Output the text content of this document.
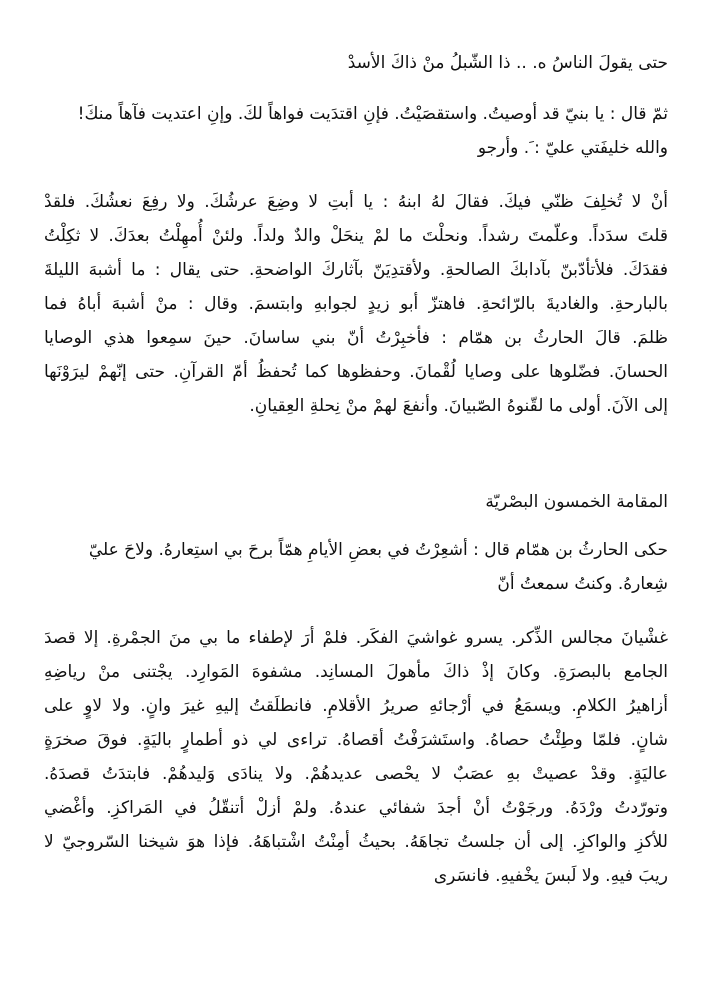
حتى يقولَ الناسُ ه. .. ذا الشّبلُ منْ ذاكَ الأسدْ

ثمّ قال : يا بنيّ قد أوصيتُ. واستقصَيْتُ. فإنِ اقتدَيت فواهاً لكَ. وإنِ اعتديت فآهاً منكَ!
والله خليفَتي عليّ : َ. وأرجو

أنْ لا تُخلِفَ ظنّي فيكَ. فقالَ لهُ ابنهُ : يا أبتِ لا وضِعَ عرشُكَ. ولا رفِعَ نعشُكَ. فلقدْ
قلتَ سدَداً. وعلّمتَ رشداً. ونحلْتَ ما لمْ ينحَلْ والدٌ ولداً. ولئنْ أُمهِلْتُ بعدَكَ. لا ثكِلْتُ
فقدَكَ. فلأتأدّبنّ بآدابكَ الصالحةِ. ولأقتدِيَنّ بآثاركَ الواضحةِ. حتى يقال : ما أشبهَ الليلةَ
بالبارحةِ. والغاديةَ بالرّائحةِ. فاهتزّ أبو زيدٍ لجوابهِ وابتسمَ. وقال : منْ أشبهَ أباهُ فما
ظلمَ. قالَ الحارثُ بن همّام : فأخبِرْتُ أنّ بني ساسانَ. حينَ سمِعوا هذي الوصايا
الحسانَ. فضّلوها على وصايا لُقْمانَ. وحفظوها كما تُحفظُ أمّ القرآنِ. حتى إنّهمْ ليرَوْنَها
إلى الآنَ. أولى ما لقّنوهُ الصّبيانَ. وأنفعَ لهمْ منْ نِحلةِ العِقيانِ.

المقامة الخمسون البصْريّة

حكى الحارثُ بن همّام قال : أشعِرْتُ في بعضِ الأيامِ همّاً برحَ بي استِعارهُ. ولاحَ عليّ
شِعارهُ. وكنتُ سمعتُ أنّ

غشْيانَ مجالس الذِّكر. يسرو غواشيَ الفكَر. فلمْ أرَ لإطفاء ما بي منَ الجمْرةِ. إلا قصدَ
الجامع بالبصرَةِ. وكانَ إذْ ذاكَ مأهولَ المسانِد. مشفوهَ المَوارِد. يجْتنى منْ رياضِهِ
أزاهيرُ الكلامِ. ويسمَعُ في أرْجائهِ صريرُ الأقلامِ. فانطلَقتُ إليهِ غيرَ وانٍ. ولا لاوٍ على
شانٍ. فلمّا وطِئْتُ حصاهُ. واستَشرَفْتُ أقصاهُ. تراءى لي ذو أطمارٍ باليَةٍ. فوقَ صخرَةٍ
عاليَةٍ. وقدْ عصيتْ بهِ عصَبٌ لا يحْصى عديدهُمْ. ولا ينادَى وَليدهُمْ. فابتدَتُ قصدَهُ.
وتورّدتُ ورْدَهُ. ورجَوْتُ أنْ أجدَ شفائي عندهُ. ولمْ أزلْ أتنقّلُ في المَراكزِ. وأغْضي
للأكزِ والواكزِ. إلى أن جلستُ تجاهَهُ. بحيثُ أمِنْتُ اشْتباهَهُ. فإذا هوَ شيخنا السّروجيّ لا
ريبَ فيهِ. ولا لَبسَ يخْفيهِ. فانسَرى
